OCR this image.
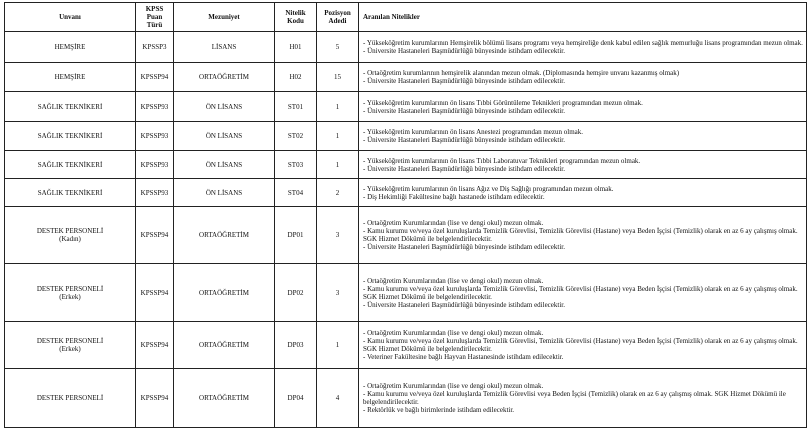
Unvanı	KPSS Puan Türü	Mezuniyet	Nitelik Kodu	Pozisyon Adedi	Aranılan Nitelikler

HEMŞİRE	KPSSP3	LİSANS	H01	5	- Yükseköğretim kurumlarının Hemşirelik bölümü lisans programı veya hemşireliğe denk kabul edilen sağlık memurluğu lisans programından mezun olmak.
- Üniversite Hastaneleri Başmüdürlüğü bünyesinde istihdam edilecektir.

HEMŞİRE	KPSSP94	ORTAÖĞRETİM	H02	15	- Ortaöğretim kurumlarının hemşirelik alanından mezun olmak. (Diplomasında hemşire unvanı kazanmış olmak)
- Üniversite Hastaneleri Başmüdürlüğü bünyesinde istihdam edilecektir.

SAĞLIK TEKNİKERİ	KPSSP93	ÖN LİSANS	ST01	1	- Yükseköğretim kurumlarının ön lisans Tıbbi Görüntüleme Teknikleri programından mezun olmak.
- Üniversite Hastaneleri Başmüdürlüğü bünyesinde istihdam edilecektir.

SAĞLIK TEKNİKERİ	KPSSP93	ÖN LİSANS	ST02	1	- Yükseköğretim kurumlarının ön lisans Anestezi programından mezun olmak.
- Üniversite Hastaneleri Başmüdürlüğü bünyesinde istihdam edilecektir.

SAĞLIK TEKNİKERİ	KPSSP93	ÖN LİSANS	ST03	1	- Yükseköğretim kurumlarının ön lisans Tıbbi Laboratuvar Teknikleri programından mezun olmak.
- Üniversite Hastaneleri Başmüdürlüğü bünyesinde istihdam edilecektir.

SAĞLIK TEKNİKERİ	KPSSP93	ÖN LİSANS	ST04	2	- Yükseköğretim kurumlarının ön lisans Ağız ve Diş Sağlığı programından mezun olmak.
- Diş Hekimliği Fakültesine bağlı hastanede istihdam edilecektir.

DESTEK PERSONELİ
(Kadın)	KPSSP94	ORTAÖĞRETİM	DP01	3	- Ortaöğretim Kurumlarından (lise ve dengi okul) mezun olmak.
- Kamu kurumu ve/veya özel kuruluşlarda Temizlik Görevlisi, Temizlik Görevlisi (Hastane) veya Beden İşçisi (Temizlik) olarak en az 6 ay çalışmış olmak. SGK Hizmet Dökümü ile belgelendirilecektir.
- Üniversite Hastaneleri Başmüdürlüğü bünyesinde istihdam edilecektir.

DESTEK PERSONELİ
(Erkek)	KPSSP94	ORTAÖĞRETİM	DP02	3	- Ortaöğretim Kurumlarından (lise ve dengi okul) mezun olmak.
- Kamu kurumu ve/veya özel kuruluşlarda Temizlik Görevlisi, Temizlik Görevlisi (Hastane) veya Beden İşçisi (Temizlik) olarak en az 6 ay çalışmış olmak. SGK Hizmet Dökümü ile belgelendirilecektir.
- Üniversite Hastaneleri Başmüdürlüğü bünyesinde istihdam edilecektir.

DESTEK PERSONELİ
(Erkek)	KPSSP94	ORTAÖĞRETİM	DP03	1	- Ortaöğretim Kurumlarından (lise ve dengi okul) mezun olmak.
- Kamu kurumu ve/veya özel kuruluşlarda Temizlik Görevlisi, Temizlik Görevlisi (Hastane) veya Beden İşçisi (Temizlik) olarak en az 6 ay çalışmış olmak. SGK Hizmet Dökümü ile belgelendirilecektir.
- Veteriner Fakültesine bağlı Hayvan Hastanesinde istihdam edilecektir.

DESTEK PERSONELİ	KPSSP94	ORTAÖĞRETİM	DP04	4	- Ortaöğretim Kurumlarından (lise ve dengi okul) mezun olmak.
- Kamu kurumu ve/veya özel kuruluşlarda Temizlik Görevlisi veya Beden İşçisi (Temizlik) olarak en az 6 ay çalışmış olmak. SGK Hizmet Dökümü ile belgelendirilecektir.
- Rektörlük ve bağlı birimlerinde istihdam edilecektir.
